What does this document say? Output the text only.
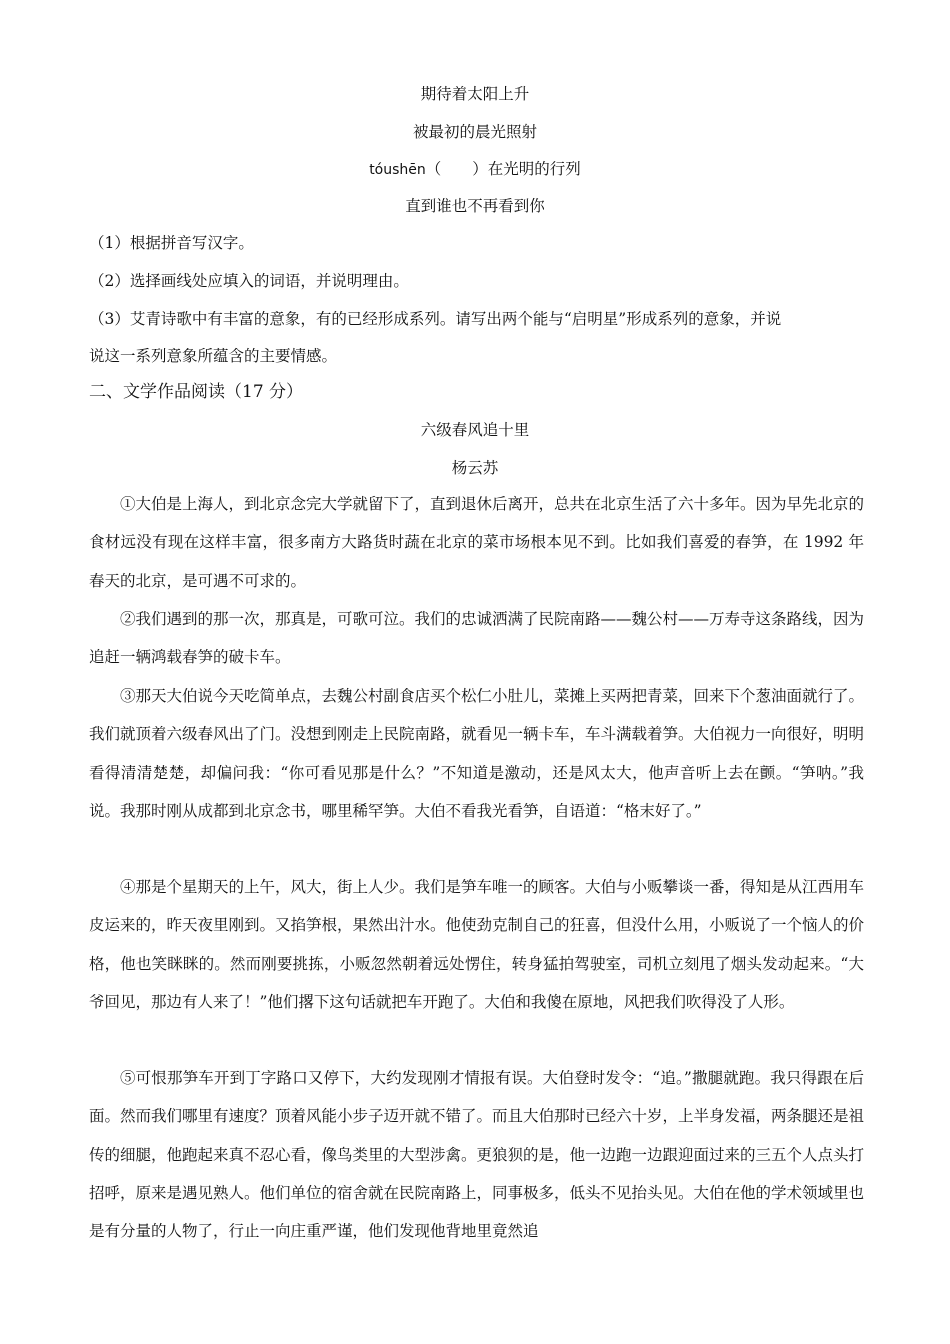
期待着太阳上升
被最初的晨光照射
tóushēn（　　）在光明的行列
直到谁也不再看到你
（1）根据拼音写汉字。
（2）选择画线处应填入的词语，并说明理由。
（3）艾青诗歌中有丰富的意象，有的已经形成系列。请写出两个能与“启明星”形成系列的意象，并说
说这一系列意象所蕴含的主要情感。
二、文学作品阅读（17 分）
六级春风追十里
杨云苏

①大伯是上海人，到北京念完大学就留下了，直到退休后离开，总共在北京生活了六十多年。因为早先北京的食材远没有现在这样丰富，很多南方大路货时蔬在北京的菜市场根本见不到。比如我们喜爱的春笋，在 1992 年春天的北京，是可遇不可求的。

②我们遇到的那一次，那真是，可歌可泣。我们的忠诚洒满了民院南路——魏公村——万寿寺这条路线，因为追赶一辆鸿载春笋的破卡车。

③那天大伯说今天吃简单点，去魏公村副食店买个松仁小肚儿，菜摊上买两把青菜，回来下个葱油面就行了。我们就顶着六级春风出了门。没想到刚走上民院南路，就看见一辆卡车，车斗满载着笋。大伯视力一向很好，明明看得清清楚楚，却偏问我：“你可看见那是什么？”不知道是激动，还是风太大，他声音听上去在颤。“笋呐。”我说。我那时刚从成都到北京念书，哪里稀罕笋。大伯不看我光看笋，自语道：“格末好了。”

④那是个星期天的上午，风大，街上人少。我们是笋车唯一的顾客。大伯与小贩攀谈一番，得知是从江西用车皮运来的，昨天夜里刚到。又掐笋根，果然出汁水。他使劲克制自己的狂喜，但没什么用，小贩说了一个恼人的价格，他也笑眯眯的。然而刚要挑拣，小贩忽然朝着远处愣住，转身猛拍驾驶室，司机立刻甩了烟头发动起来。“大爷回见，那边有人来了！”他们撂下这句话就把车开跑了。大伯和我傻在原地，风把我们吹得没了人形。

⑤可恨那笋车开到丁字路口又停下，大约发现刚才情报有误。大伯登时发令：“追。”撒腿就跑。我只得跟在后面。然而我们哪里有速度？顶着风能小步子迈开就不错了。而且大伯那时已经六十岁，上半身发福，两条腿还是祖传的细腿，他跑起来真不忍心看，像鸟类里的大型涉禽。更狼狈的是，他一边跑一边跟迎面过来的三五个人点头打招呼，原来是遇见熟人。他们单位的宿舍就在民院南路上，同事极多，低头不见抬头见。大伯在他的学术领域里也是有分量的人物了，行止一向庄重严谨，他们发现他背地里竟然追
